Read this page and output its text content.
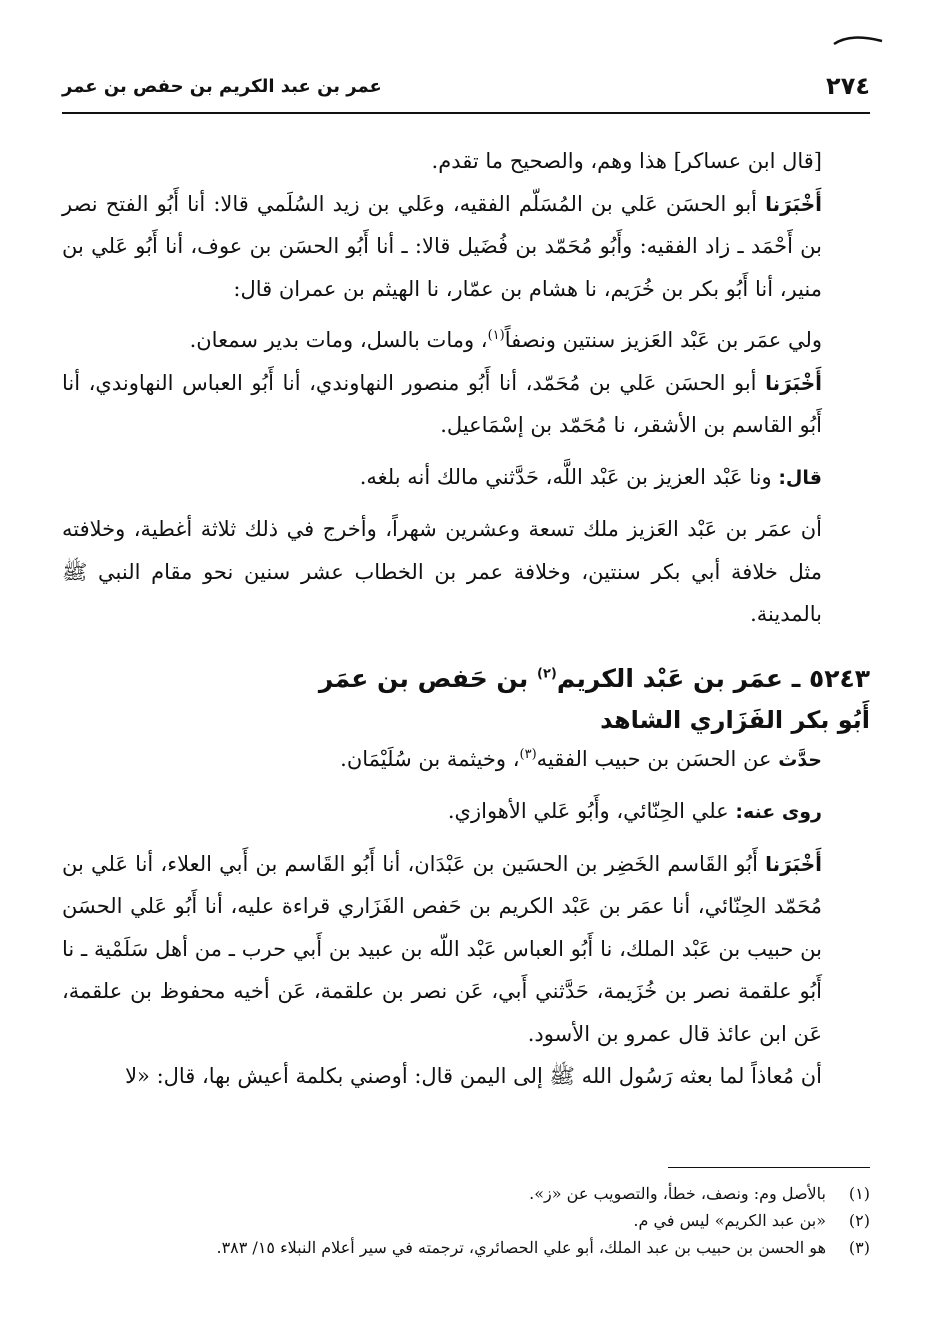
٢٧٤
عمر بن عبد الكريم بن حفص بن عمر

[قال ابن عساكر] هذا وهم، والصحيح ما تقدم.

أَخْبَرَنا أبو الحسَن عَلي بن المُسَلّم الفقيه، وعَلي بن زيد السُلَمي قالا: أنا أَبُو الفتح نصر بن أَحْمَد ـ زاد الفقيه: وأَبُو مُحَمّد بن فُضَيل قالا: ـ أنا أَبُو الحسَن بن عوف، أنا أَبُو عَلي بن منير، أنا أَبُو بكر بن خُرَيم، نا هشام بن عمّار، نا الهيثم بن عمران قال:

ولي عمَر بن عَبْد العَزيز سنتين ونصفاً$^{(١)}$، ومات بالسل، ومات بدير سمعان.

أَخْبَرَنا أبو الحسَن عَلي بن مُحَمّد، أنا أَبُو منصور النهاوندي، أنا أَبُو العباس النهاوندي، أنا أَبُو القاسم بن الأشقر، نا مُحَمّد بن إسْمَاعيل.

قال: ونا عَبْد العزيز بن عَبْد اللَّه، حَدَّثني مالك أنه بلغه.

أن عمَر بن عَبْد العَزيز ملك تسعة وعشرين شهراً، وأخرج في ذلك ثلاثة أغطية، وخلافته مثل خلافة أبي بكر سنتين، وخلافة عمر بن الخطاب عشر سنين نحو مقام النبي ﷺ بالمدينة.

٥٢٤٣ ـ عمَر بن عَبْد الكريم$^{(٢)}$ بن حَفص بن عمَر

أَبُو بكر الفَزَاري الشاهد

حدَّث عن الحسَن بن حبيب الفقيه$^{(٣)}$، وخيثمة بن سُلَيْمَان.

روى عنه: علي الحِنّائي، وأَبُو عَلي الأهوازي.

أَخْبَرَنا أَبُو القَاسم الخَضِر بن الحسَين بن عَبْدَان، أنا أَبُو القَاسم بن أَبي العلاء، أنا عَلي بن مُحَمّد الحِنّائي، أنا عمَر بن عَبْد الكريم بن حَفص الفَزَاري قراءة عليه، أنا أَبُو عَلي الحسَن بن حبيب بن عَبْد الملك، نا أَبُو العباس عَبْد اللّه بن عبيد بن أَبي حرب ـ من أهل سَلَمْية ـ نا أَبُو علقمة نصر بن خُزَيمة، حَدَّثني أَبي، عَن نصر بن علقمة، عَن أخيه محفوظ بن علقمة، عَن ابن عائذ قال عمرو بن الأسود.

أن مُعاذاً لما بعثه رَسُول الله ﷺ إلى اليمن قال: أوصني بكلمة أعيش بها، قال: «لا

(١)بالأصل وم: ونصف، خطأ، والتصويب عن «ز».
(٢)«بن عبد الكريم» ليس في م.
(٣)هو الحسن بن حبيب بن عبد الملك، أبو علي الحصائري، ترجمته في سير أعلام النبلاء ١٥/ ٣٨٣.
